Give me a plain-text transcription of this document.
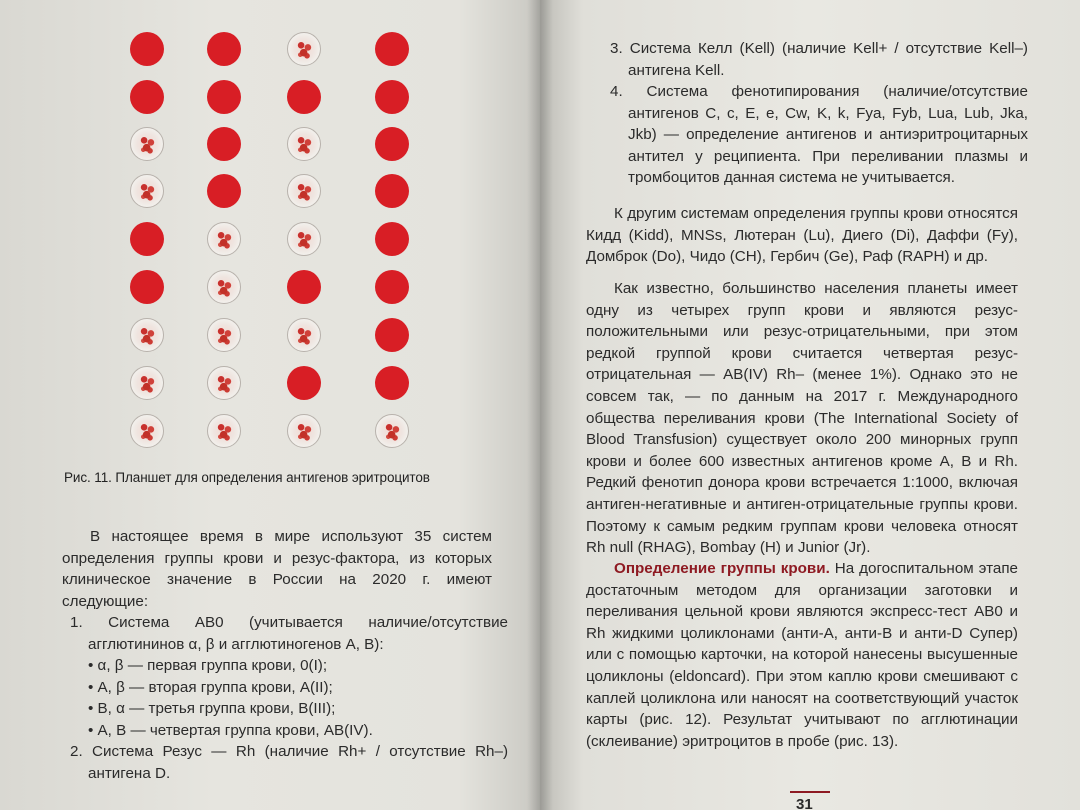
Рис. 11. Планшет для определения антигенов эритроцитов

В настоящее время в мире используют 35 систем определения группы крови и резус-фактора, из которых клиническое значение в России на 2020 г. имеют следующие:

1. Система АВ0 (учитывается наличие/отсутствие агглютининов α, β и агглютиногенов А, В):
• α, β — первая группа крови, 0(I);
• А, β — вторая группа крови, A(II);
• В, α — третья группа крови, B(III);
• А, В — четвертая группа крови, AB(IV).
2. Система Резус — Rh (наличие Rh+ / отсутствие Rh–) антигена D.
3. Система Келл (Kell) (наличие Kell+ / отсутствие Kell–) антигена Kell.
4. Система фенотипирования (наличие/отсутствие антигенов C, c, E, e, Cw, K, k, Fya, Fyb, Lua, Lub, Jka, Jkb) — определение антигенов и антиэритроцитарных антител у реципиента. При переливании плазмы и тромбоцитов данная система не учитывается.

К другим системам определения группы крови относятся Кидд (Kidd), MNSs, Лютеран (Lu), Диего (Di), Даффи (Fy), Домброк (Do), Чидо (CH), Гербич (Ge), Раф (RAPH) и др.

Как известно, большинство населения планеты имеет одну из четырех групп крови и являются резус-положительными или резус-отрицательными, при этом редкой группой крови считается четвертая резус-отрицательная — AB(IV) Rh– (менее 1%). Однако это не совсем так, — по данным на 2017 г. Международного общества переливания крови (The International Society of Blood Transfusion) существует около 200 минорных групп крови и более 600 известных антигенов кроме А, В и Rh. Редкий фенотип донора крови встречается 1:1000, включая антиген-негативные и антиген-отрицательные группы крови. Поэтому к самым редким группам крови человека относят Rh null (RHAG), Bombay (H) и Junior (Jr).

Определение группы крови. На догоспитальном этапе достаточным методом для организации заготовки и переливания цельной крови являются экспресс-тест АВ0 и Rh жидкими цоликлонами (анти-А, анти-В и анти-D Супер) или с помощью карточки, на которой нанесены высушенные цоликлоны (eldoncard). При этом каплю крови смешивают с каплей цоликлона или наносят на соответствующий участок карты (рис. 12). Результат учитывают по агглютинации (склеивание) эритроцитов в пробе (рис. 13).

31
